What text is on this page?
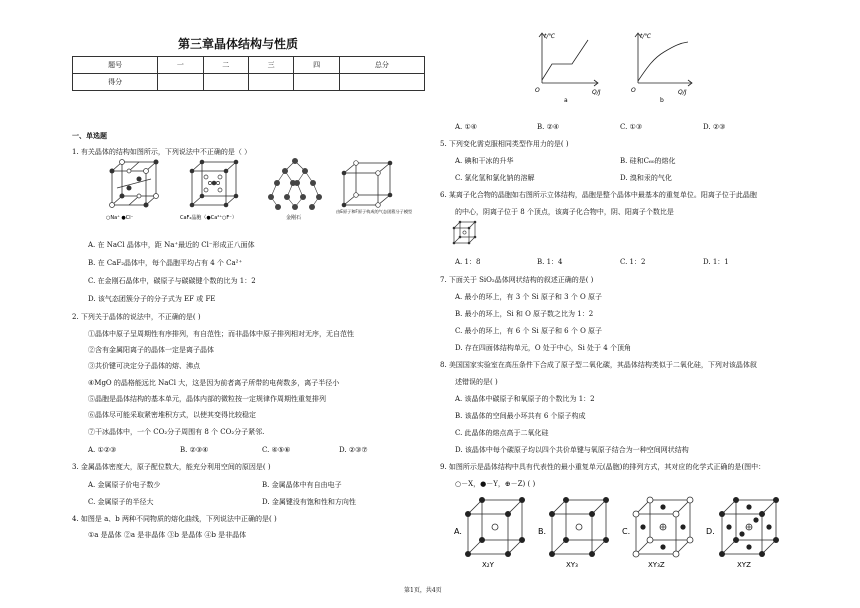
第三章晶体结构与性质
题号	一	二	三	四	总分
得分					
一、单选题
1. 有关晶体的结构如图所示，下列说法中不正确的是（ ）
○Na⁺ ●Cl⁻	CaF₂晶胞（●Ca²⁺○F⁻）	金刚石
由E原子和F原子构成的气态团簇分子模型
A. 在 NaCl 晶体中，距 Na⁺最近的 Cl⁻形成正八面体
B. 在 CaF₂晶体中，每个晶胞平均占有 4 个 Ca²⁺
C. 在金刚石晶体中，碳原子与碳碳键个数的比为 1：2
D. 该气态团簇分子的分子式为 EF 或 FE
2. 下列关于晶体的说法中，不正确的是( )
①晶体中原子呈周期性有序排列，有自范性；而非晶体中原子排列相对无序，无自范性
②含有金属阳离子的晶体一定是离子晶体
③共价键可决定分子晶体的熔、沸点
④MgO 的晶格能远比 NaCl 大，这是因为前者离子所带的电荷数多，离子半径小
⑤晶胞是晶体结构的基本单元，晶体内部的微粒按一定规律作周期性重复排列
⑥晶体尽可能采取紧密堆积方式，以使其变得比较稳定
⑦干冰晶体中，一个 CO₂分子周围有 8 个 CO₂分子紧邻.
A. ①②③	B. ②③④	C. ④⑤⑥	D. ②③⑦
3. 金属晶体密度大，原子配位数大，能充分利用空间的原因是( )
A. 金属原子价电子数少	B. 金属晶体中有自由电子
C. 金属原子的半径大	D. 金属键没有饱和性和方向性
4. 如图是 a、b 两种不同物质的熔化曲线，下列说法中正确的是( )
①a 是晶体 ②a 是非晶体 ③b 是晶体 ④b 是非晶体
t/℃
Q/J
O
a
t/℃
Q/J
O
b
A. ①④	B. ②④	C. ①③	D. ②③
5. 下列变化需克服相同类型作用力的是( )
A. 碘和干冰的升华	B. 硅和C₆₀的熔化
C. 氯化氢和氯化钠的溶解	D. 溴和汞的气化
6. 某离子化合物的晶胞如右图所示立体结构，晶胞是整个晶体中最基本的重复单位。阳离子位于此晶胞
的中心，阴离子位于 8 个顶点，该离子化合物中，阴、阳离子个数比是
A. 1：8	B. 1：4	C. 1：2	D. 1：1
7. 下面关于 SiO₂晶体网状结构的叙述正确的是( )
A. 最小的环上，有 3 个 Si 原子和 3 个 O 原子
B. 最小的环上，Si 和 O 原子数之比为 1：2
C. 最小的环上，有 6 个 Si 原子和 6 个 O 原子
D. 存在四面体结构单元，O 处于中心，Si 处于 4 个顶角
8. 美国国家实验室在高压条件下合成了原子型二氧化碳，其晶体结构类似于二氧化硅，下列对该晶体叙
述错误的是( )
A. 该晶体中碳原子和氧原子的个数比为 1：2
B. 该晶体的空间最小环共有 6 个原子构成
C. 此晶体的熔点高于二氧化硅
D. 该晶体中每个碳原子均以四个共价单键与氧原子结合为一种空间网状结构
9. 如图所示是晶体结构中具有代表性的最小重复单元(晶胞)的排列方式，其对应的化学式正确的是(图中：
○－X，●－Y，⊕－Z) ( )
A.
X₂Y
B.
XY₃
C.
XY₃Z
D.
XYZ
第1页，共4页
